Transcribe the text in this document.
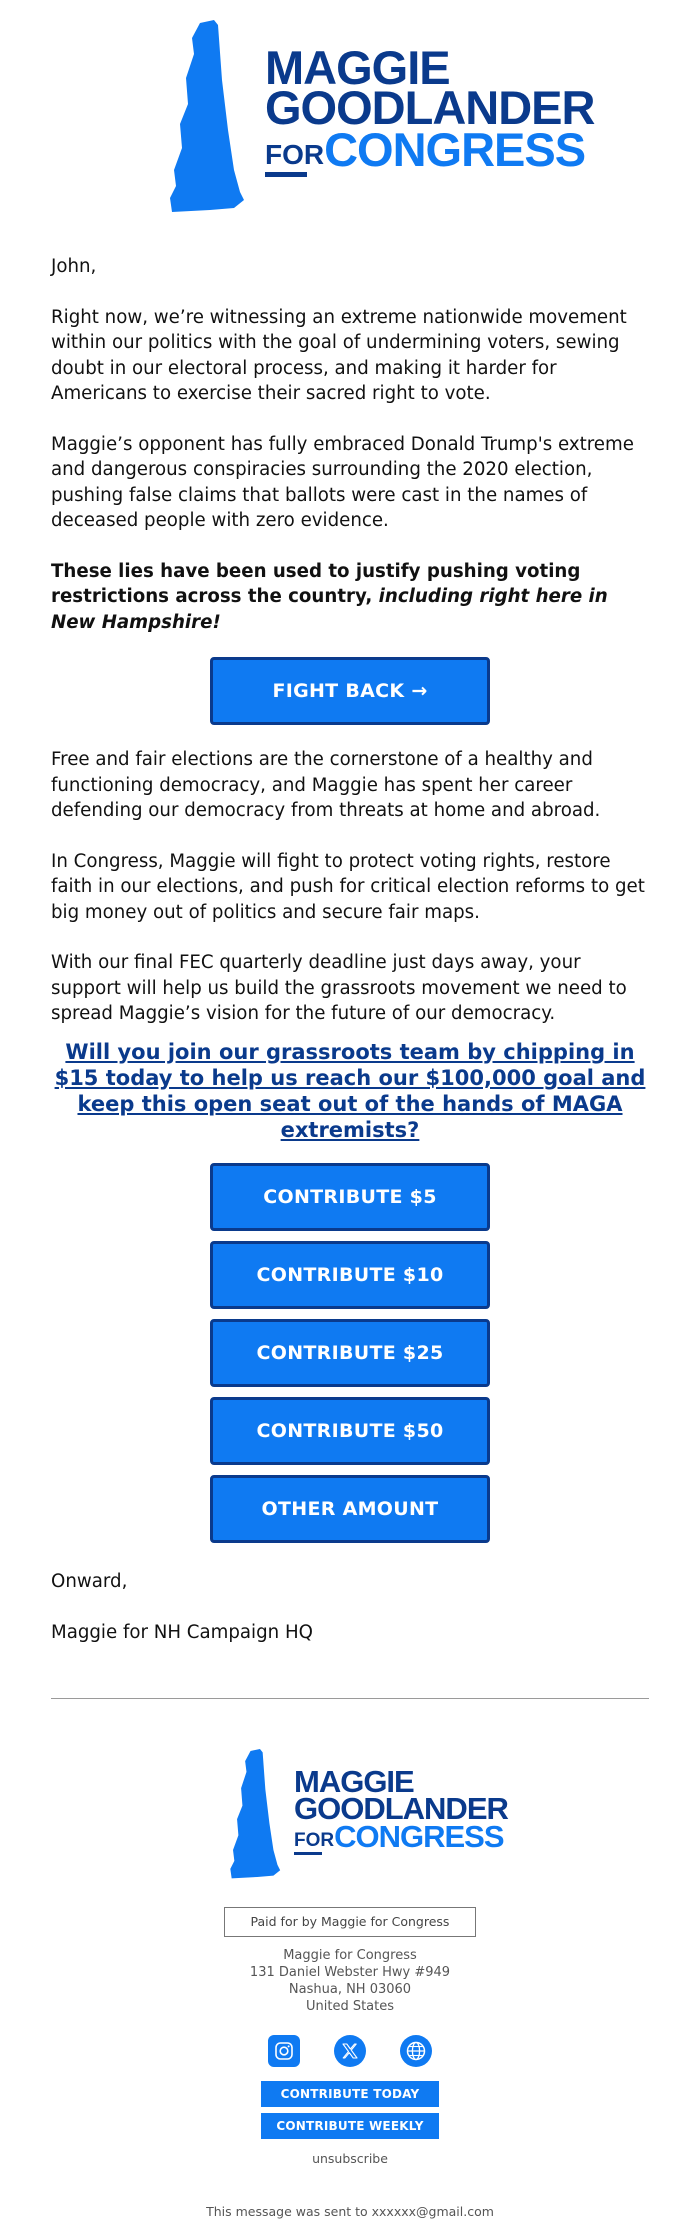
MAGGIE
GOODLANDER
FORCONGRESS

John,

Right now, we’re witnessing an extreme nationwide movement within our politics with the goal of undermining voters, sewing doubt in our electoral process, and making it harder for Americans to exercise their sacred right to vote.

Maggie’s opponent has fully embraced Donald Trump's extreme and dangerous conspiracies surrounding the 2020 election, pushing false claims that ballots were cast in the names of deceased people with zero evidence.

These lies have been used to justify pushing voting restrictions across the country, including right here in New Hampshire!

FIGHT BACK →

Free and fair elections are the cornerstone of a healthy and functioning democracy, and Maggie has spent her career defending our democracy from threats at home and abroad.

In Congress, Maggie will fight to protect voting rights, restore faith in our elections, and push for critical election reforms to get big money out of politics and secure fair maps.

With our final FEC quarterly deadline just days away, your support will help us build the grassroots movement we need to spread Maggie’s vision for the future of our democracy.

Will you join our grassroots team by chipping in $15 today to help us reach our $100,000 goal and keep this open seat out of the hands of MAGA extremists?
CONTRIBUTE $5
CONTRIBUTE $10
CONTRIBUTE $25
CONTRIBUTE $50
OTHER AMOUNT

Onward,

Maggie for NH Campaign HQ

MAGGIE
GOODLANDER
FORCONGRESS
Paid for by Maggie for Congress
Maggie for Congress
131 Daniel Webster Hwy #949
Nashua, NH 03060
United States
CONTRIBUTE TODAY
CONTRIBUTE WEEKLY
unsubscribe
This message was sent to xxxxxx@gmail.com
